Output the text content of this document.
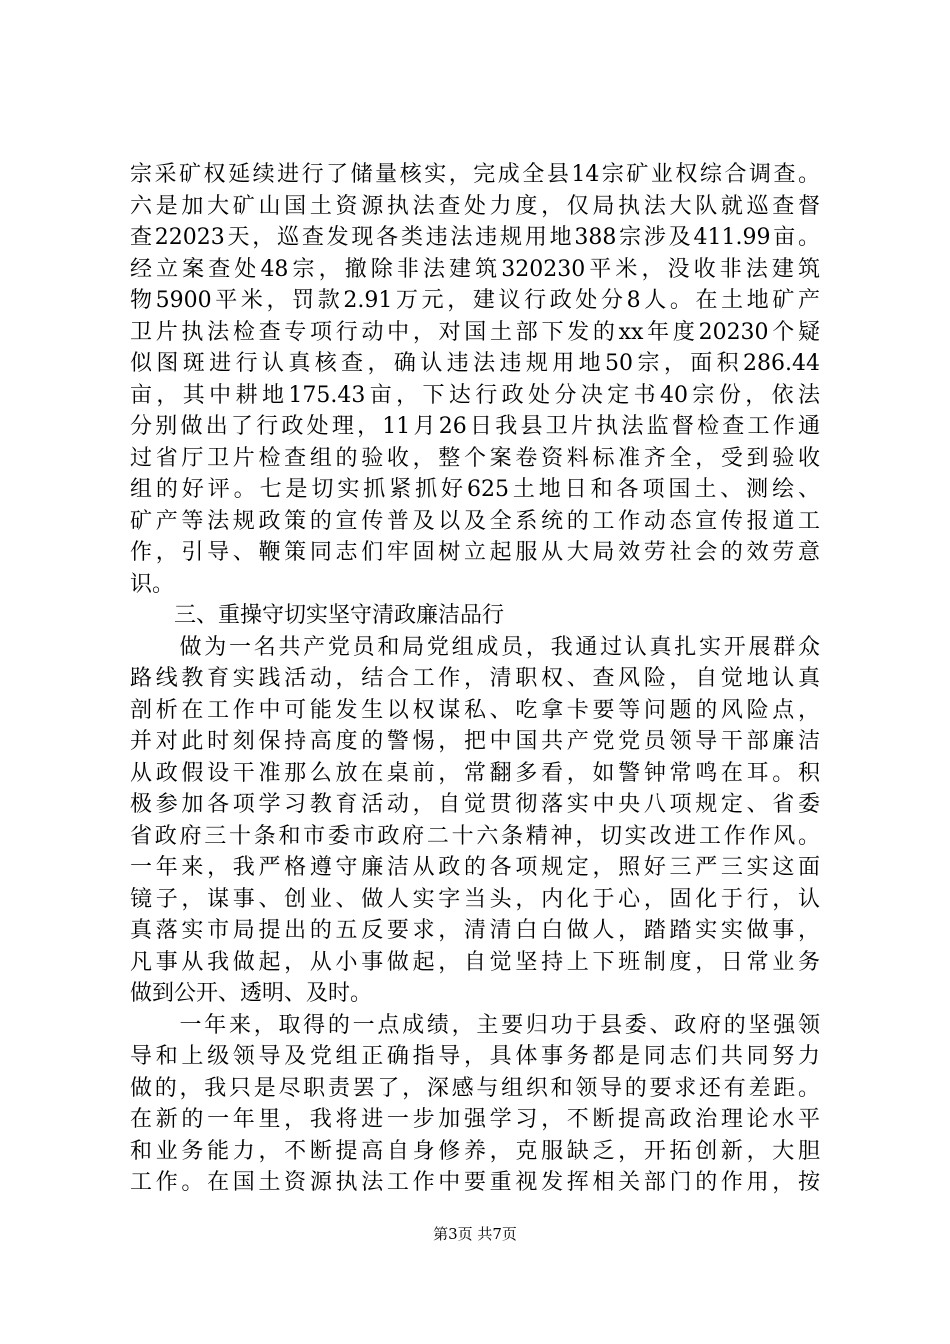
宗采矿权延续进行了储量核实，完成全县14宗矿业权综合调查。
六是加大矿山国土资源执法查处力度，仅局执法大队就巡查督
查22023天，巡查发现各类违法违规用地388宗涉及411.99亩。
经立案查处48宗，撤除非法建筑320230平米，没收非法建筑
物5900平米，罚款2.91万元，建议行政处分8人。在土地矿产
卫片执法检查专项行动中，对国土部下发的xx年度20230个疑
似图斑进行认真核查，确认违法违规用地50宗，面积286.44
亩，其中耕地175.43亩，下达行政处分决定书40宗份，依法
分别做出了行政处理，11月26日我县卫片执法监督检查工作通
过省厅卫片检查组的验收，整个案卷资料标准齐全，受到验收
组的好评。七是切实抓紧抓好625土地日和各项国土、测绘、
矿产等法规政策的宣传普及以及全系统的工作动态宣传报道工
作，引导、鞭策同志们牢固树立起服从大局效劳社会的效劳意
识。
　　三、重操守切实坚守清政廉洁品行
　　做为一名共产党员和局党组成员，我通过认真扎实开展群众
路线教育实践活动，结合工作，清职权、查风险，自觉地认真
剖析在工作中可能发生以权谋私、吃拿卡要等问题的风险点，
并对此时刻保持高度的警惕，把中国共产党党员领导干部廉洁
从政假设干准那么放在桌前，常翻多看，如警钟常鸣在耳。积
极参加各项学习教育活动，自觉贯彻落实中央八项规定、省委
省政府三十条和市委市政府二十六条精神，切实改进工作作风。
一年来，我严格遵守廉洁从政的各项规定，照好三严三实这面
镜子，谋事、创业、做人实字当头，内化于心，固化于行，认
真落实市局提出的五反要求，清清白白做人，踏踏实实做事，
凡事从我做起，从小事做起，自觉坚持上下班制度，日常业务
做到公开、透明、及时。
　　一年来，取得的一点成绩，主要归功于县委、政府的坚强领
导和上级领导及党组正确指导，具体事务都是同志们共同努力
做的，我只是尽职责罢了，深感与组织和领导的要求还有差距。
在新的一年里，我将进一步加强学习，不断提高政治理论水平
和业务能力，不断提高自身修养，克服缺乏，开拓创新，大胆
工作。在国土资源执法工作中要重视发挥相关部门的作用，按
第3页 共7页
